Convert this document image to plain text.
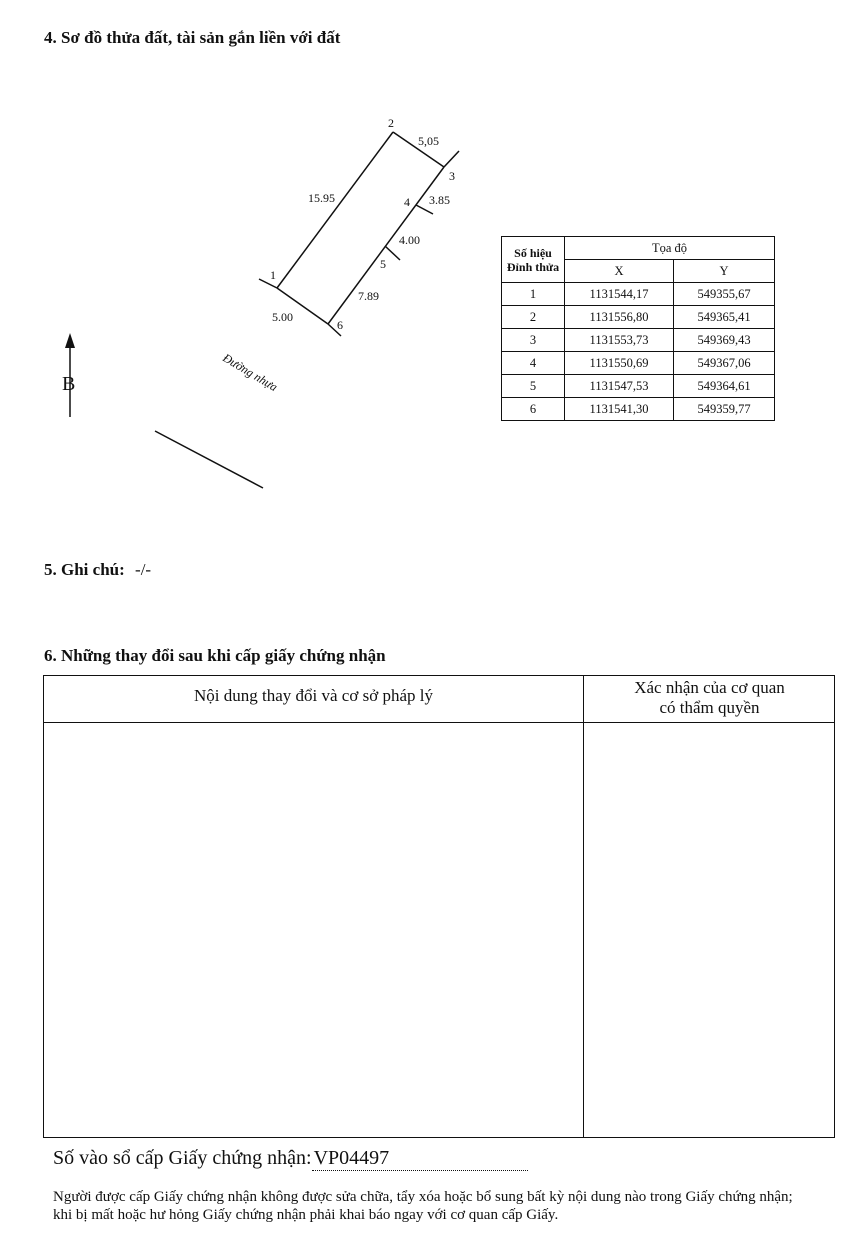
4. Sơ đồ thửa đất, tài sản gắn liền với đất
B
1
2
3
4
5
6
15.95
5,05
3.85
4.00
7.89
5.00
Đường nhựa
Số hiệu Đỉnh thửa	Tọa độ	
	X	Y
1	1131544,17	549355,67
2	1131556,80	549365,41
3	1131553,73	549369,43
4	1131550,69	549367,06
5	1131547,53	549364,61
6	1131541,30	549359,77
5. Ghi chú: -/-
6. Những thay đổi sau khi cấp giấy chứng nhận
Nội dung thay đổi và cơ sở pháp lý	Xác nhận của cơ quan
có thẩm quyền
Số vào sổ cấp Giấy chứng nhận: VP04497
Người được cấp Giấy chứng nhận không được sửa chữa, tẩy xóa hoặc bổ sung bất kỳ nội dung nào trong Giấy chứng nhận; khi bị mất hoặc hư hỏng Giấy chứng nhận phải khai báo ngay với cơ quan cấp Giấy.
